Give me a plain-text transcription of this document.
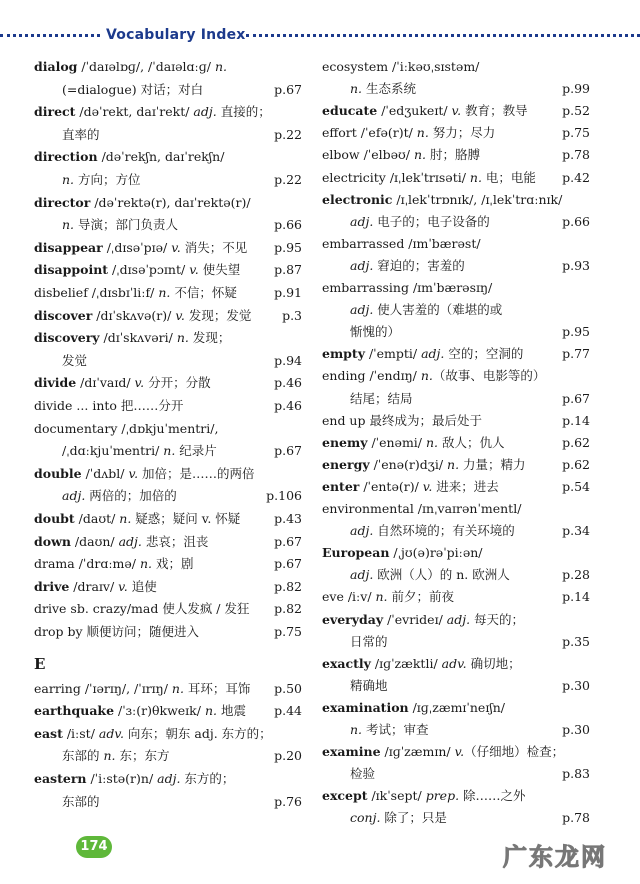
Vocabulary Index
dialog /ˈdaɪəlɒɡ/, /ˈdaɪəlɑːɡ/ n.
(=dialogue) 对话；对白	p.67
direct /dəˈrekt, daɪˈrekt/ adj. 直接的；
直率的	p.22
direction /dəˈrekʃn, daɪˈrekʃn/
n. 方向；方位	p.22
director /dəˈrektə(r), daɪˈrektə(r)/
n. 导演；部门负责人	p.66
disappear /ˌdɪsəˈpɪə/ v. 消失；不见 p.95
disappoint /ˌdɪsəˈpɔɪnt/ v. 使失望	p.87
disbelief /ˌdɪsbɪˈliːf/ n. 不信；怀疑	p.91
discover /dɪˈskʌvə(r)/ v. 发现；发觉 p.3
discovery /dɪˈskʌvəri/ n. 发现；
发觉	p.94
divide /dɪˈvaɪd/ v. 分开；分散	p.46
divide ... into 把……分开	p.46
documentary /ˌdɒkjuˈmentri/,
/ˌdɑːkjuˈmentri/ n. 纪录片	p.67
double /ˈdʌbl/ v. 加倍；是……的两倍
adj. 两倍的；加倍的	p.106
doubt /daʊt/ n. 疑惑；疑问 v. 怀疑	p.43
down /daʊn/ adj. 悲哀；沮丧	p.67
drama /ˈdrɑːmə/ n. 戏；剧	p.67
drive /draɪv/ v. 追使	p.82
drive sb. crazy/mad 使人发疯 / 发狂 p.82
drop by 顺便访问；随便进入	p.75
E
earring /ˈɪərɪŋ/, /ˈɪrɪŋ/ n. 耳环；耳饰 p.50
earthquake /ˈɜː(r)θkweɪk/ n. 地震 p.44
east /iːst/ adv. 向东；朝东 adj. 东方的；
东部的 n. 东；东方	p.20
eastern /ˈiːstə(r)n/ adj. 东方的；
东部的	p.76
ecosystem /ˈiːkəʊˌsɪstəm/
n. 生态系统	p.99
educate /ˈedʒukeɪt/ v. 教育；教导	p.52
effort /ˈefə(r)t/ n. 努力；尽力	p.75
elbow /ˈelbəʊ/ n. 肘；胳膊	p.78
electricity /ɪˌlekˈtrɪsəti/ n. 电；电能 p.42
electronic /ɪˌlekˈtrɒnɪk/, /ɪˌlekˈtrɑːnɪk/
adj. 电子的；电子设备的	p.66
embarrassed /ɪmˈbærəst/
adj. 窘迫的；害羞的	p.93
embarrassing /ɪmˈbærəsɪŋ/
adj. 使人害羞的（难堪的或
惭愧的）	p.95
empty /ˈempti/ adj. 空的；空洞的	p.77
ending /ˈendɪŋ/ n.（故事、电影等的）
结尾；结局	p.67
end up 最终成为；最后处于	p.14
enemy /ˈenəmi/ n. 敌人；仇人	p.62
energy /ˈenə(r)dʒi/ n. 力量；精力	p.62
enter /ˈentə(r)/ v. 进来；进去	p.54
environmental /ɪnˌvaɪrənˈmentl/
adj. 自然环境的；有关环境的	p.34
European /ˌjʊ(ə)rəˈpiːən/
adj. 欧洲（人）的 n. 欧洲人	p.28
eve /iːv/ n. 前夕；前夜	p.14
everyday /ˈevrideɪ/ adj. 每天的；
日常的	p.35
exactly /ɪɡˈzæktli/ adv. 确切地；
精确地	p.30
examination /ɪɡˌzæmɪˈneɪʃn/
n. 考试；审查	p.30
examine /ɪɡˈzæmɪn/ v.（仔细地）检查；
检验	p.83
except /ɪkˈsept/ prep. 除……之外
conj. 除了；只是	p.78
174	广东龙网
